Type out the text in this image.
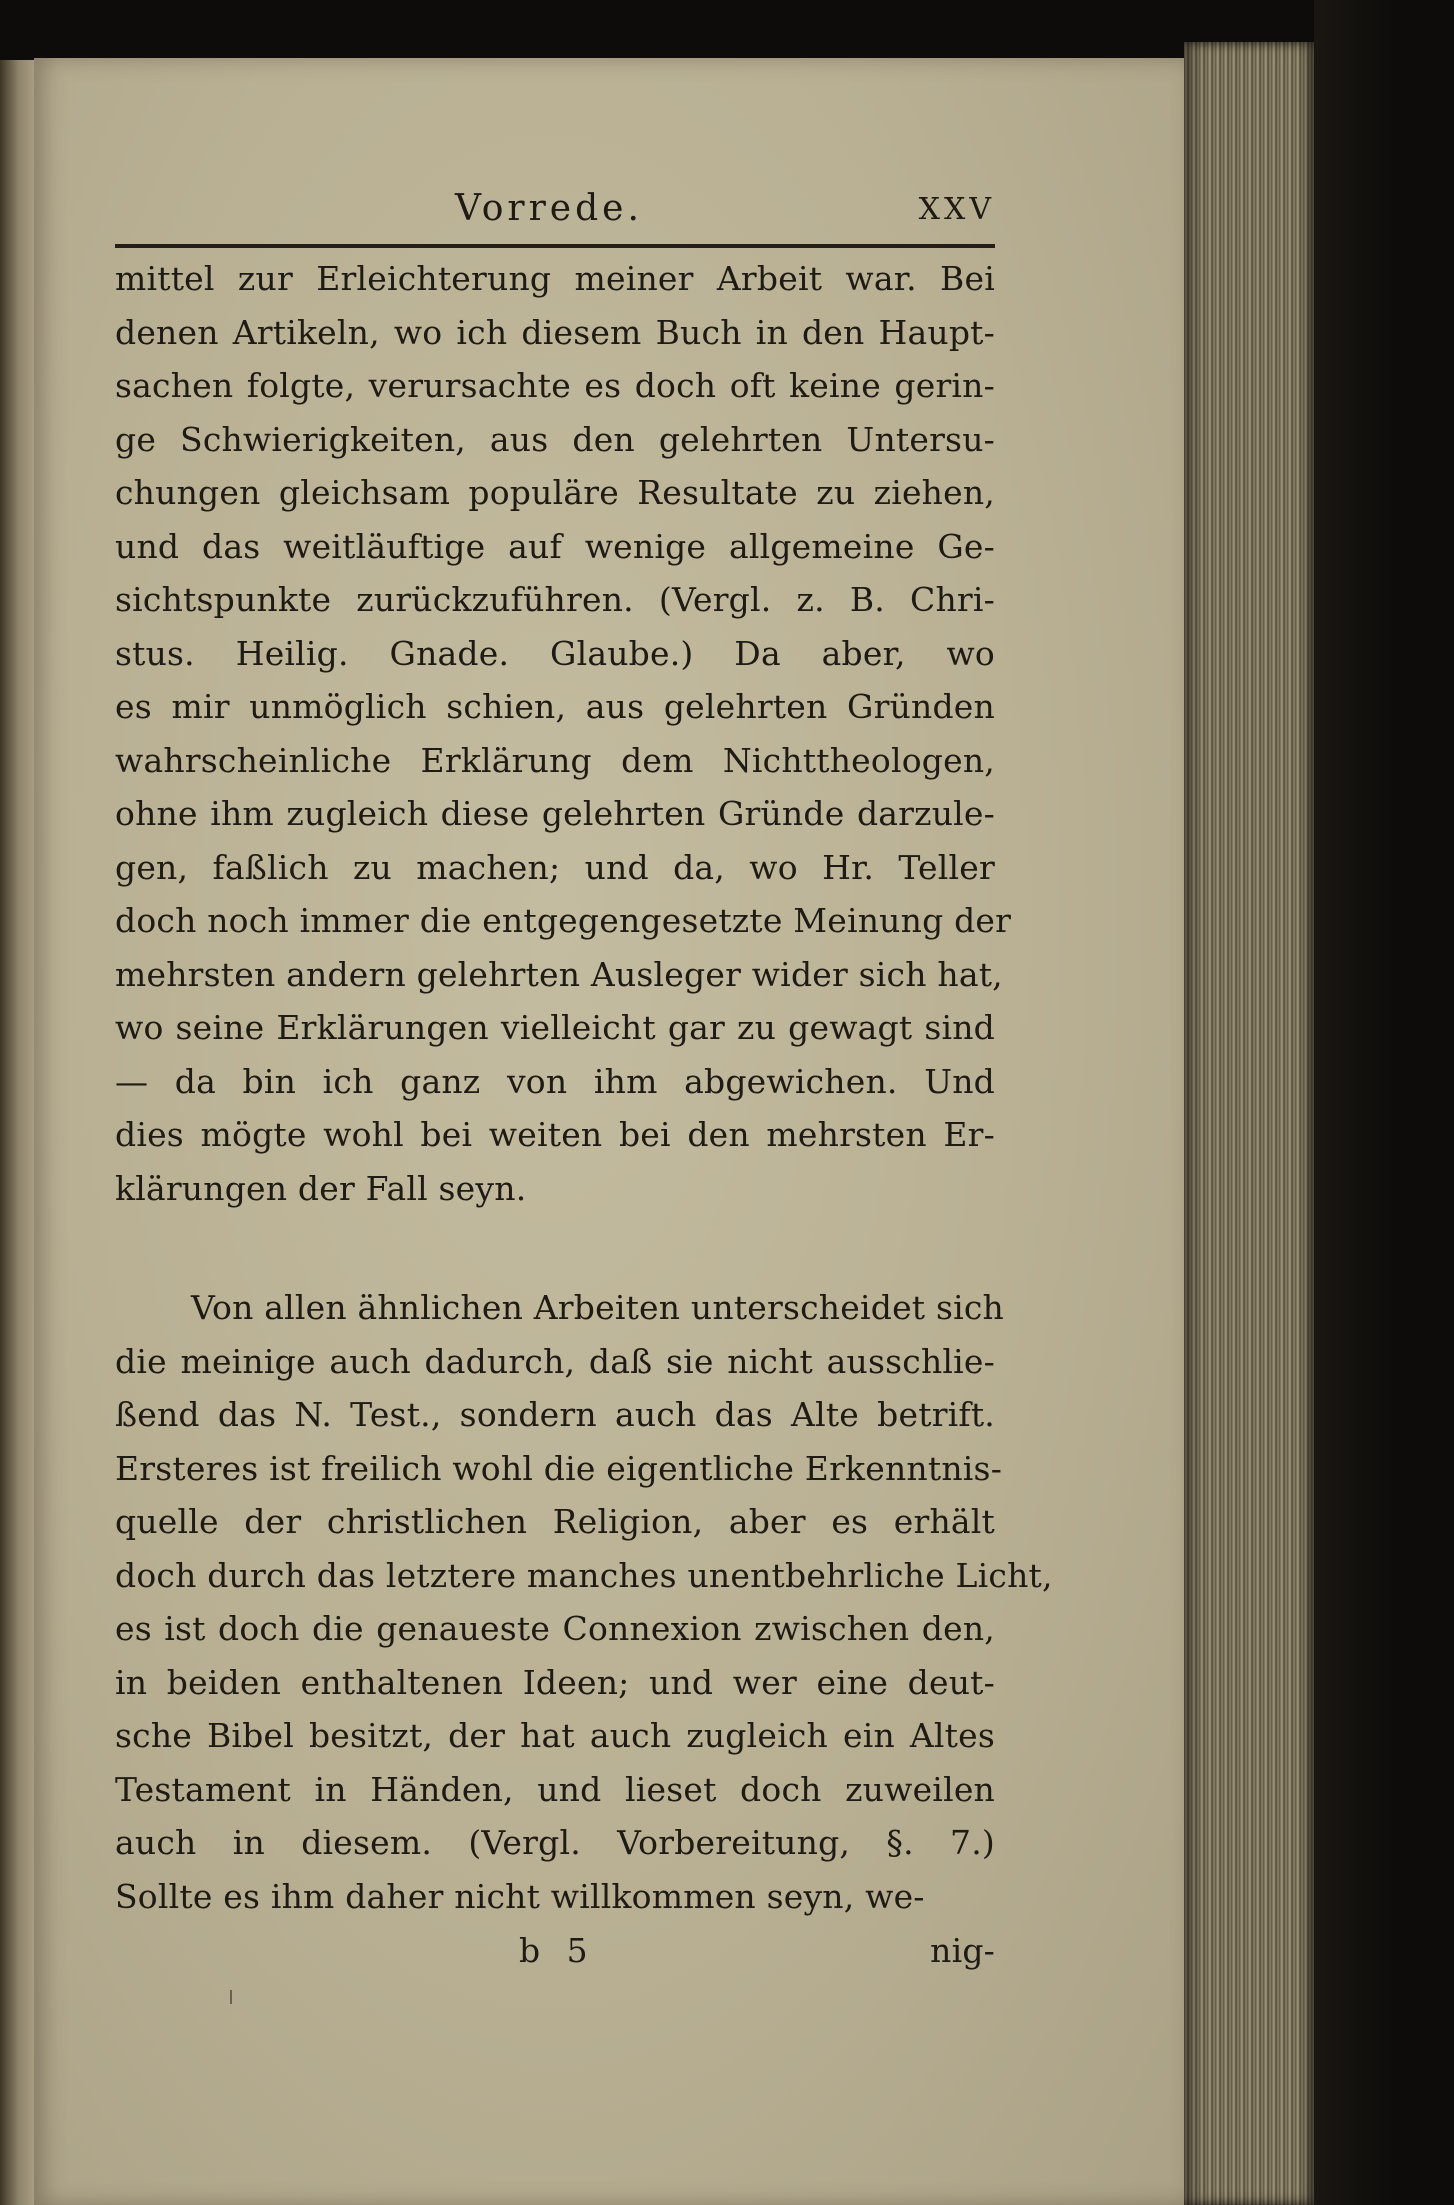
Vorrede.	XXV
mittel zur Erleichterung meiner Arbeit war. Bei
denen Artikeln, wo ich diesem Buch in den Haupt-
sachen folgte, verursachte es doch oft keine gerin-
ge Schwierigkeiten, aus den gelehrten Untersu-
chungen gleichsam populäre Resultate zu ziehen,
und das weitläuftige auf wenige allgemeine Ge-
sichtspunkte zurückzuführen. (Vergl. z. B. Chri-
stus. Heilig. Gnade. Glaube.) Da aber, wo
es mir unmöglich schien, aus gelehrten Gründen
wahrscheinliche Erklärung dem Nichttheologen,
ohne ihm zugleich diese gelehrten Gründe darzule-
gen, faßlich zu machen; und da, wo Hr. Teller
doch noch immer die entgegengesetzte Meinung der
mehrsten andern gelehrten Ausleger wider sich hat,
wo seine Erklärungen vielleicht gar zu gewagt sind
— da bin ich ganz von ihm abgewichen. Und
dies mögte wohl bei weiten bei den mehrsten Er-
klärungen der Fall seyn.
Von allen ähnlichen Arbeiten unterscheidet sich
die meinige auch dadurch, daß sie nicht ausschlie-
ßend das N. Test., sondern auch das Alte betrift.
Ersteres ist freilich wohl die eigentliche Erkenntnis-
quelle der christlichen Religion, aber es erhält
doch durch das letztere manches unentbehrliche Licht,
es ist doch die genaueste Connexion zwischen den,
in beiden enthaltenen Ideen; und wer eine deut-
sche Bibel besitzt, der hat auch zugleich ein Altes
Testament in Händen, und lieset doch zuweilen
auch in diesem. (Vergl. Vorbereitung, §. 7.)
Sollte es ihm daher nicht willkommen seyn, we-
b 5	nig-
